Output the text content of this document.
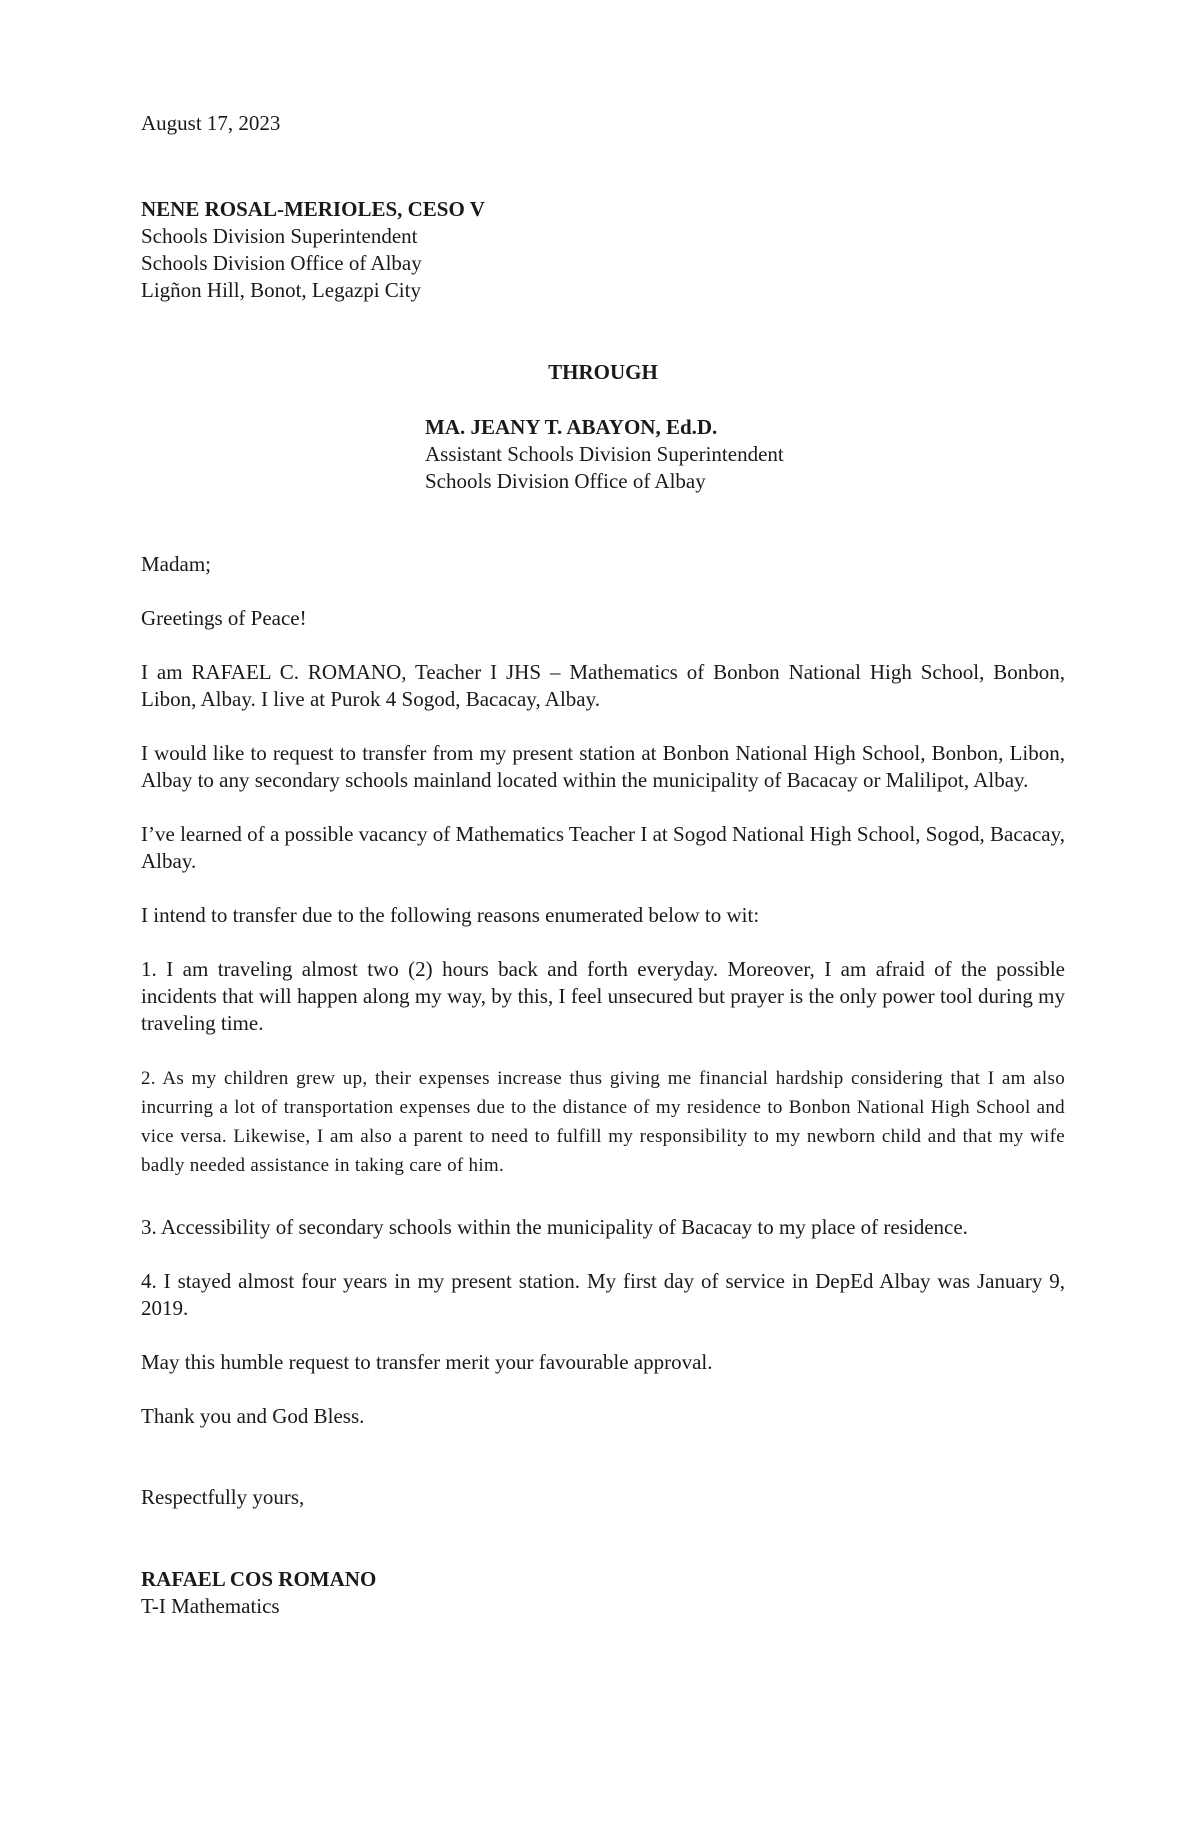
August 17, 2023

NENE ROSAL-MERIOLES, CESO V

Schools Division Superintendent

Schools Division Office of Albay

Ligñon Hill, Bonot, Legazpi City

THROUGH

MA. JEANY T. ABAYON, Ed.D.

Assistant Schools Division Superintendent

Schools Division Office of Albay

Madam;

Greetings of Peace!

I am RAFAEL C. ROMANO, Teacher I JHS – Mathematics of Bonbon National High School, Bonbon, Libon, Albay. I live at Purok 4 Sogod, Bacacay, Albay.

I would like to request to transfer from my present station at Bonbon National High School, Bonbon, Libon, Albay to any secondary schools mainland located within the municipality of Bacacay or Malilipot, Albay.

I’ve learned of a possible vacancy of Mathematics Teacher I at Sogod National High School, Sogod, Bacacay, Albay.

I intend to transfer due to the following reasons enumerated below to wit:

1. I am traveling almost two (2) hours back and forth everyday. Moreover, I am afraid of the possible incidents that will happen along my way, by this, I feel unsecured but prayer is the only power tool during my traveling time.

2. As my children grew up, their expenses increase thus giving me financial hardship considering that I am also incurring a lot of transportation expenses due to the distance of my residence to Bonbon National High School and vice versa. Likewise, I am also a parent to need to fulfill my responsibility to my newborn child and that my wife badly needed assistance in taking care of him.

3. Accessibility of secondary schools within the municipality of Bacacay to my place of residence.

4. I stayed almost four years in my present station. My first day of service in DepEd Albay was January 9, 2019.

May this humble request to transfer merit your favourable approval.

Thank you and God Bless.

Respectfully yours,

RAFAEL COS ROMANO

T-I Mathematics
